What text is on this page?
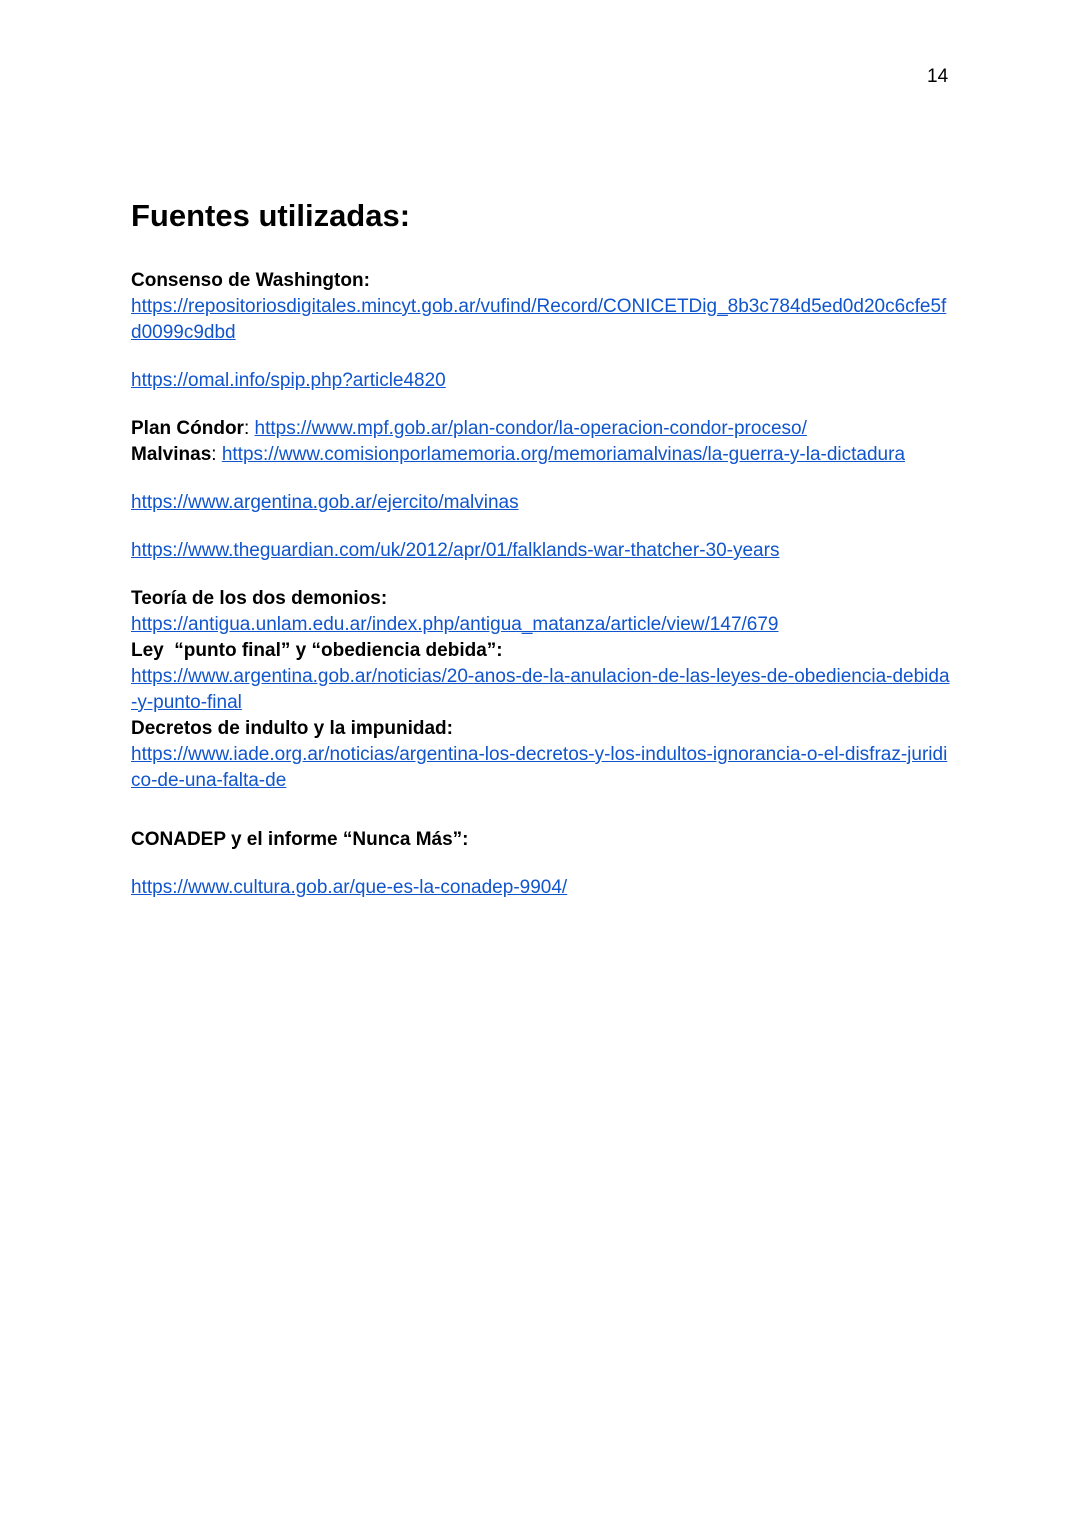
14
Fuentes utilizadas:
Consenso de Washington:
https://repositoriosdigitales.mincyt.gob.ar/vufind/Record/CONICETDig_8b3c784d5ed0d20c6cfe5fd0099c9dbd
https://omal.info/spip.php?article4820
Plan Cóndor: https://www.mpf.gob.ar/plan-condor/la-operacion-condor-proceso/
Malvinas: https://www.comisionporlamemoria.org/memoriamalvinas/la-guerra-y-la-dictadura
https://www.argentina.gob.ar/ejercito/malvinas
https://www.theguardian.com/uk/2012/apr/01/falklands-war-thatcher-30-years
Teoría de los dos demonios:
https://antigua.unlam.edu.ar/index.php/antigua_matanza/article/view/147/679
Ley  “punto final” y “obediencia debida”:
https://www.argentina.gob.ar/noticias/20-anos-de-la-anulacion-de-las-leyes-de-obediencia-debida-y-punto-final
Decretos de indulto y la impunidad:
https://www.iade.org.ar/noticias/argentina-los-decretos-y-los-indultos-ignorancia-o-el-disfraz-juridico-de-una-falta-de
CONADEP y el informe “Nunca Más”:
https://www.cultura.gob.ar/que-es-la-conadep-9904/
